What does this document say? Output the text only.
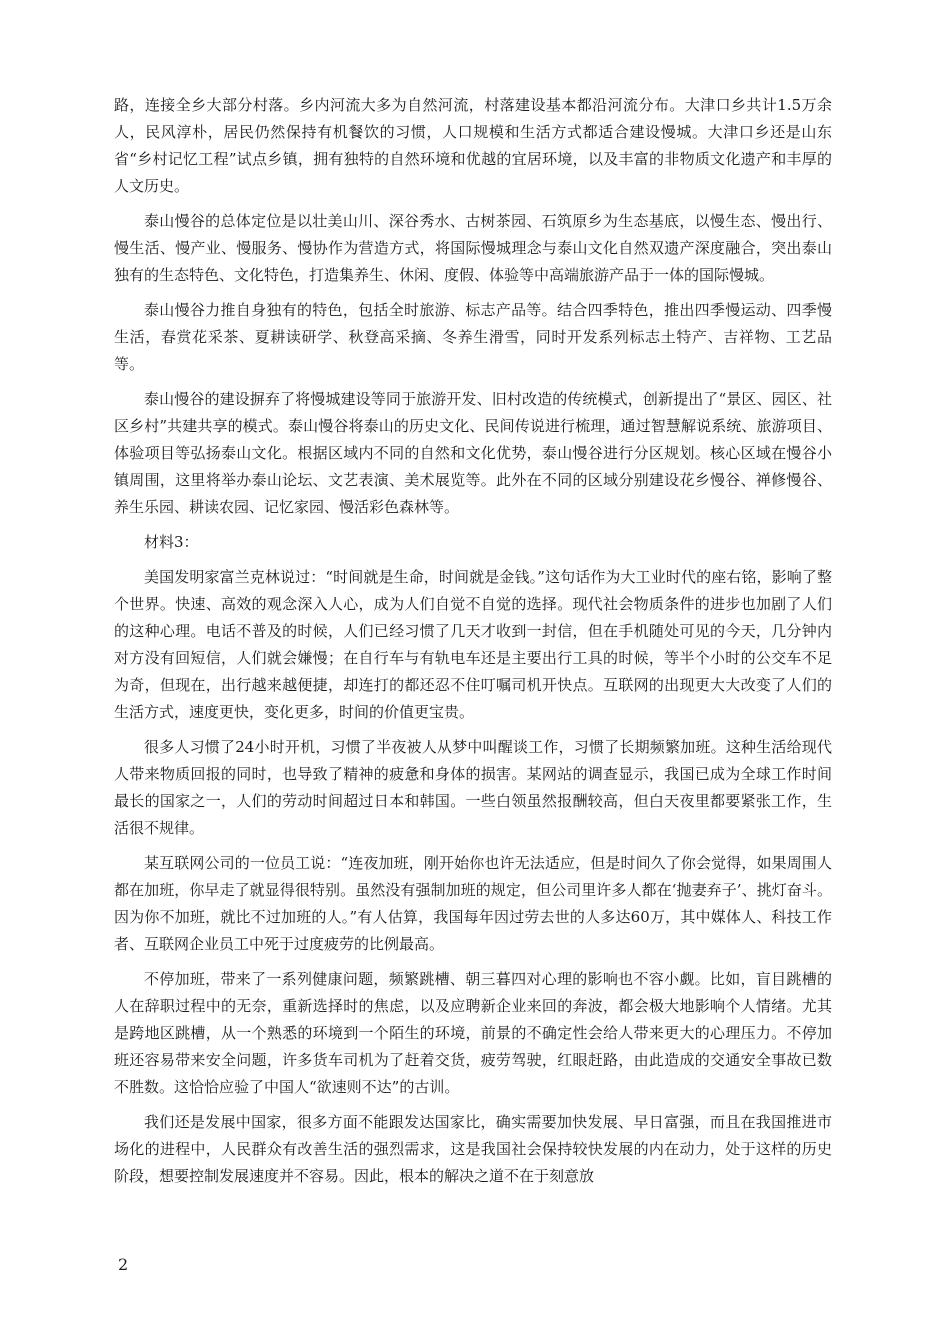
路，连接全乡大部分村落。乡内河流大多为自然河流，村落建设基本都沿河流分布。大津口乡共计1.5万余人，民风淳朴，居民仍然保持有机餐饮的习惯，人口规模和生活方式都适合建设慢城。大津口乡还是山东省“乡村记忆工程”试点乡镇，拥有独特的自然环境和优越的宜居环境，以及丰富的非物质文化遗产和丰厚的人文历史。

泰山慢谷的总体定位是以壮美山川、深谷秀水、古树茶园、石筑原乡为生态基底，以慢生态、慢出行、慢生活、慢产业、慢服务、慢协作为营造方式，将国际慢城理念与泰山文化自然双遗产深度融合，突出泰山独有的生态特色、文化特色，打造集养生、休闲、度假、体验等中高端旅游产品于一体的国际慢城。

泰山慢谷力推自身独有的特色，包括全时旅游、标志产品等。结合四季特色，推出四季慢运动、四季慢生活，春赏花采茶、夏耕读研学、秋登高采摘、冬养生滑雪，同时开发系列标志土特产、吉祥物、工艺品等。

泰山慢谷的建设摒弃了将慢城建设等同于旅游开发、旧村改造的传统模式，创新提出了“景区、园区、社区乡村”共建共享的模式。泰山慢谷将泰山的历史文化、民间传说进行梳理，通过智慧解说系统、旅游项目、体验项目等弘扬泰山文化。根据区域内不同的自然和文化优势，泰山慢谷进行分区规划。核心区域在慢谷小镇周围，这里将举办泰山论坛、文艺表演、美术展览等。此外在不同的区域分别建设花乡慢谷、禅修慢谷、养生乐园、耕读农园、记忆家园、慢活彩色森林等。

材料3：

美国发明家富兰克林说过：“时间就是生命，时间就是金钱。”这句话作为大工业时代的座右铭，影响了整个世界。快速、高效的观念深入人心，成为人们自觉不自觉的选择。现代社会物质条件的进步也加剧了人们的这种心理。电话不普及的时候，人们已经习惯了几天才收到一封信，但在手机随处可见的今天，几分钟内对方没有回短信，人们就会嫌慢；在自行车与有轨电车还是主要出行工具的时候，等半个小时的公交车不足为奇，但现在，出行越来越便捷，却连打的都还忍不住叮嘱司机开快点。互联网的出现更大大改变了人们的生活方式，速度更快，变化更多，时间的价值更宝贵。

很多人习惯了24小时开机，习惯了半夜被人从梦中叫醒谈工作，习惯了长期频繁加班。这种生活给现代人带来物质回报的同时，也导致了精神的疲惫和身体的损害。某网站的调查显示，我国已成为全球工作时间最长的国家之一，人们的劳动时间超过日本和韩国。一些白领虽然报酬较高，但白天夜里都要紧张工作，生活很不规律。

某互联网公司的一位员工说：“连夜加班，刚开始你也许无法适应，但是时间久了你会觉得，如果周围人都在加班，你早走了就显得很特别。虽然没有强制加班的规定，但公司里许多人都在‘抛妻弃子’、挑灯奋斗。因为你不加班，就比不过加班的人。”有人估算，我国每年因过劳去世的人多达60万，其中媒体人、科技工作者、互联网企业员工中死于过度疲劳的比例最高。

不停加班，带来了一系列健康问题，频繁跳槽、朝三暮四对心理的影响也不容小觑。比如，盲目跳槽的人在辞职过程中的无奈，重新选择时的焦虑，以及应聘新企业来回的奔波，都会极大地影响个人情绪。尤其是跨地区跳槽，从一个熟悉的环境到一个陌生的环境，前景的不确定性会给人带来更大的心理压力。不停加班还容易带来安全问题，许多货车司机为了赶着交货，疲劳驾驶，红眼赶路，由此造成的交通安全事故已数不胜数。这恰恰应验了中国人“欲速则不达”的古训。

我们还是发展中国家，很多方面不能跟发达国家比，确实需要加快发展、早日富强，而且在我国推进市场化的进程中，人民群众有改善生活的强烈需求，这是我国社会保持较快发展的内在动力，处于这样的历史阶段，想要控制发展速度并不容易。因此，根本的解决之道不在于刻意放

2
